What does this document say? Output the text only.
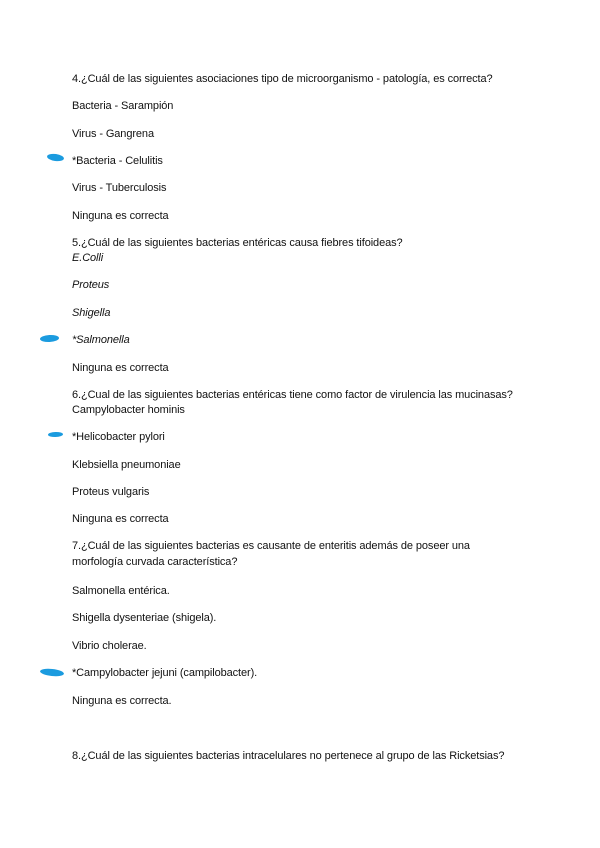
4.¿Cuál de las siguientes asociaciones tipo de microorganismo - patología, es correcta?
Bacteria - Sarampión
Virus - Gangrena
*Bacteria - Celulitis
Virus - Tuberculosis
Ninguna es correcta
5.¿Cuál de las siguientes bacterias entéricas causa fiebres tifoideas?
E.Colli
Proteus
Shigella
*Salmonella
Ninguna es correcta
6.¿Cual de las siguientes bacterias entéricas tiene como factor de virulencia las mucinasas?
Campylobacter hominis
*Helicobacter pylori
Klebsiella pneumoniae
Proteus vulgaris
Ninguna es correcta
7.¿Cuál de las siguientes bacterias es causante de enteritis además de poseer una
morfología curvada característica?
Salmonella entérica.
Shigella dysenteriae (shigela).
Vibrio cholerae.
*Campylobacter jejuni (campilobacter).
Ninguna es correcta.
8.¿Cuál de las siguientes bacterias intracelulares no pertenece al grupo de las Ricketsias?
